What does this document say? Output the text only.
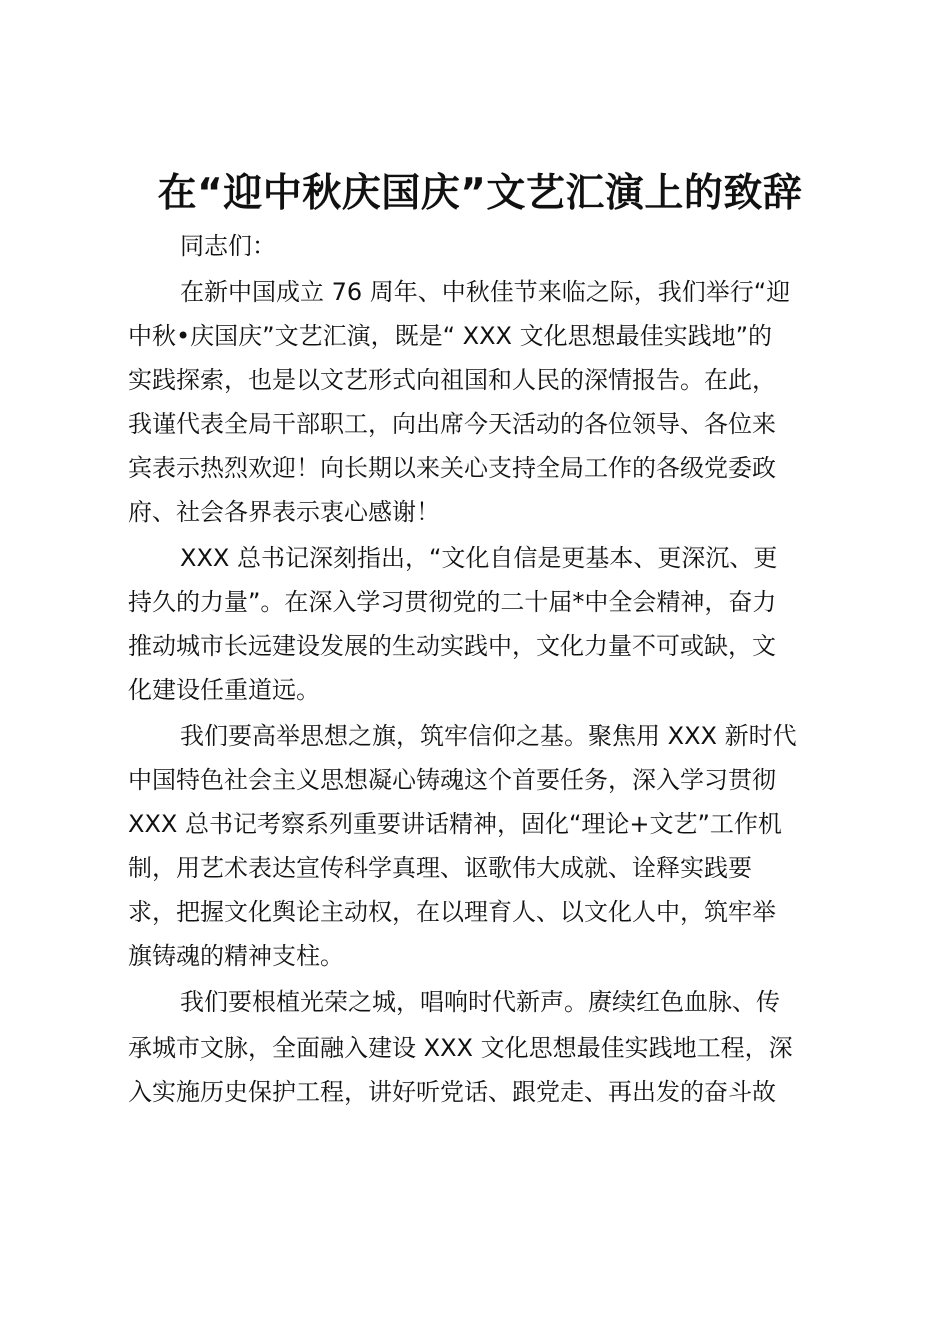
在“迎中秋庆国庆”文艺汇演上的致辞
同志们：
在新中国成立 76 周年、中秋佳节来临之际，我们举行“迎
中秋•庆国庆”文艺汇演，既是“ XXX 文化思想最佳实践地”的
实践探索，也是以文艺形式向祖国和人民的深情报告。在此，
我谨代表全局干部职工，向出席今天活动的各位领导、各位来
宾表示热烈欢迎！向长期以来关心支持全局工作的各级党委政
府、社会各界表示衷心感谢！
XXX 总书记深刻指出，“文化自信是更基本、更深沉、更
持久的力量”。在深入学习贯彻党的二十届*中全会精神，奋力
推动城市长远建设发展的生动实践中，文化力量不可或缺，文
化建设任重道远。
我们要高举思想之旗，筑牢信仰之基。聚焦用 XXX 新时代
中国特色社会主义思想凝心铸魂这个首要任务，深入学习贯彻
XXX 总书记考察系列重要讲话精神，固化“理论+文艺”工作机
制，用艺术表达宣传科学真理、讴歌伟大成就、诠释实践要
求，把握文化舆论主动权，在以理育人、以文化人中，筑牢举
旗铸魂的精神支柱。
我们要根植光荣之城，唱响时代新声。赓续红色血脉、传
承城市文脉，全面融入建设 XXX 文化思想最佳实践地工程，深
入实施历史保护工程，讲好听党话、跟党走、再出发的奋斗故
